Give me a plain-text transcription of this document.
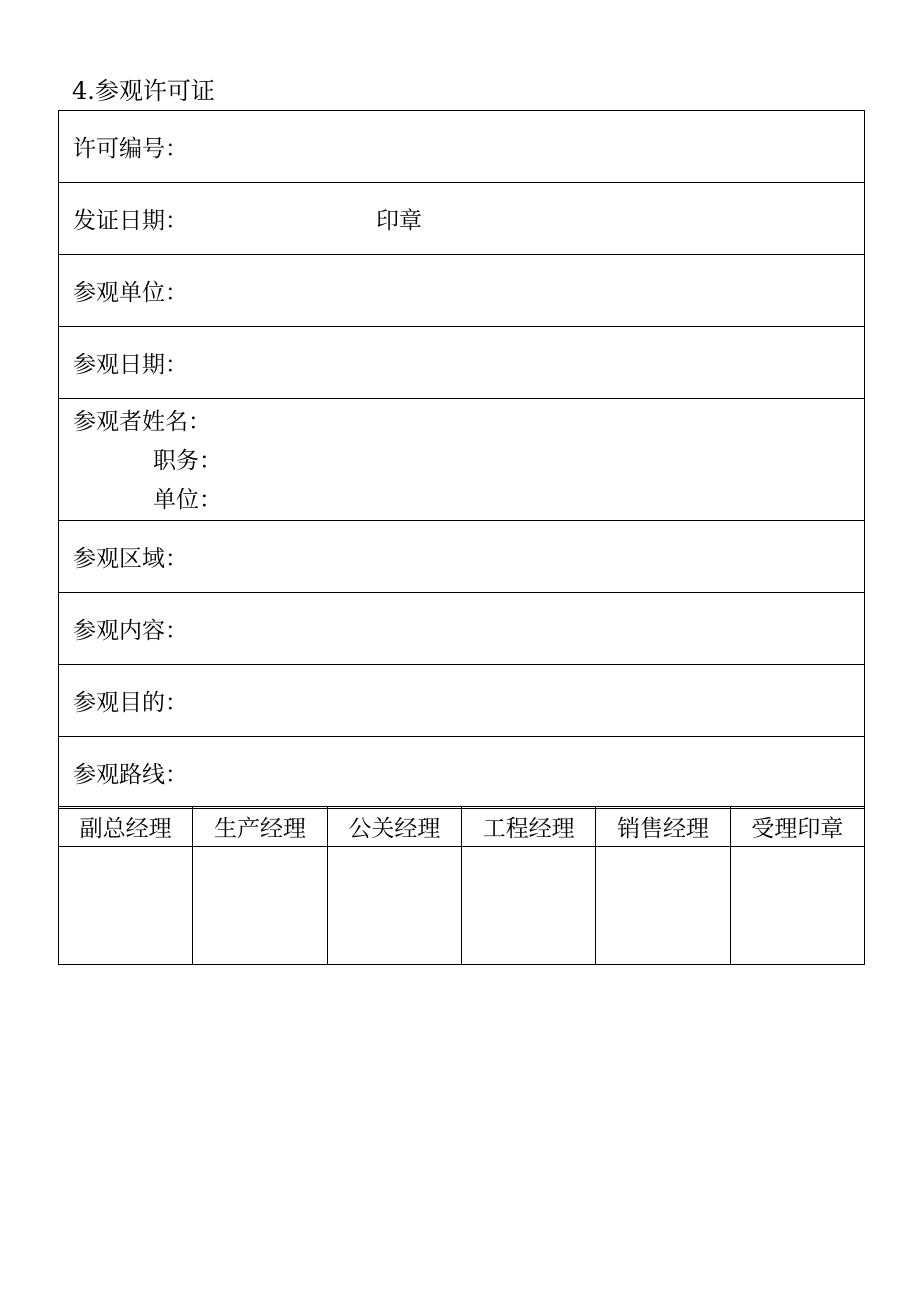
4.参观许可证
许可编号：
发证日期：	印章
参观单位：
参观日期：

参观者姓名：
职务：
单位：

参观区域：
参观内容：
参观目的：
参观路线：
副总经理	生产经理	公关经理	工程经理	销售经理	受理印章
